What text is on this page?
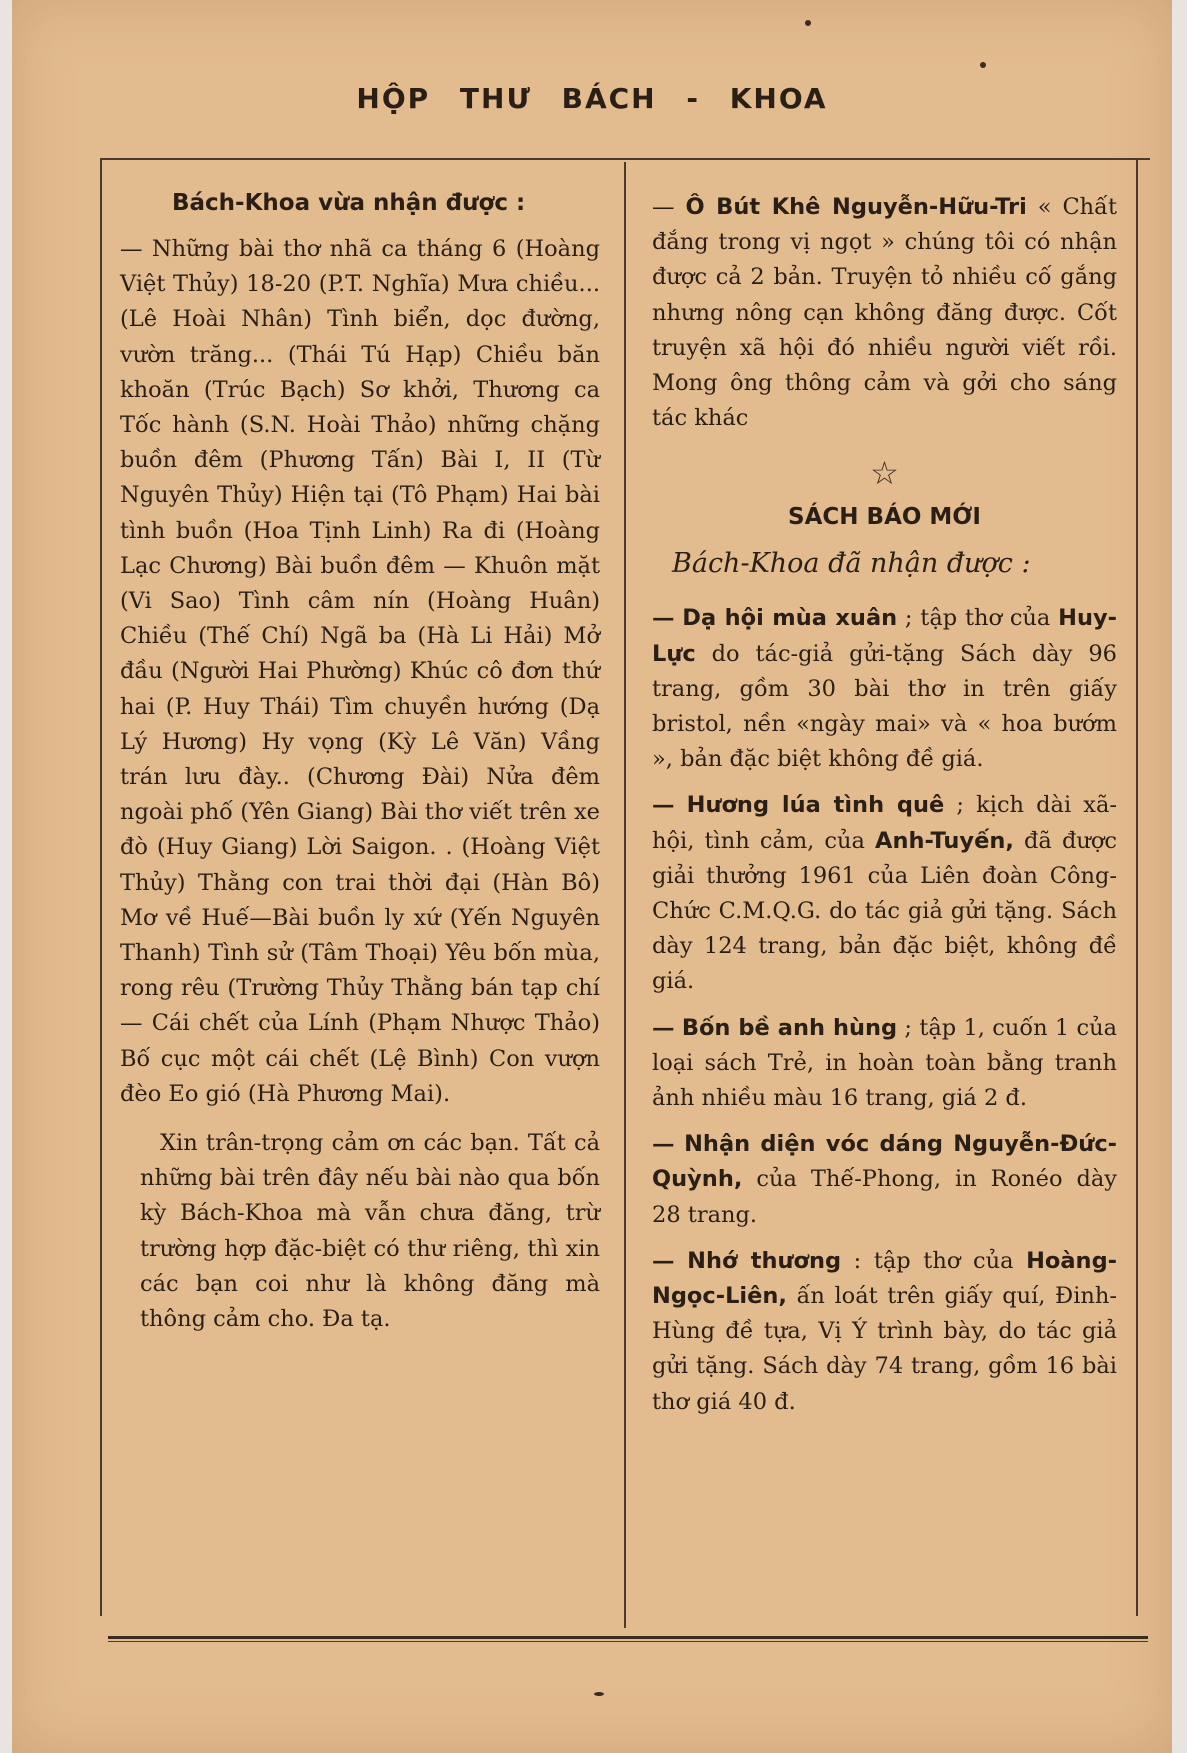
HỘP THƯ BÁCH - KHOA
Bách-Khoa vừa nhận được :

— Những bài thơ nhã ca tháng 6 (Hoàng Việt Thủy) 18-20 (P.T. Nghĩa) Mưa chiều... (Lê Hoài Nhân) Tình biển, dọc đường, vườn trăng... (Thái Tú Hạp) Chiều băn khoăn (Trúc Bạch) Sơ khởi, Thương ca Tốc hành (S.N. Hoài Thảo) những chặng buồn đêm (Phương Tấn) Bài I, II (Từ Nguyên Thủy) Hiện tại (Tô Phạm) Hai bài tình buồn (Hoa Tịnh Linh) Ra đi (Hoàng Lạc Chương) Bài buồn đêm — Khuôn mặt (Vi Sao) Tình câm nín (Hoàng Huân) Chiều (Thế Chí) Ngã ba (Hà Li Hải) Mở đầu (Người Hai Phường) Khúc cô đơn thứ hai (P. Huy Thái) Tìm chuyền hướng (Dạ Lý Hương) Hy vọng (Kỳ Lê Văn) Vầng trán lưu đày.. (Chương Đài) Nửa đêm ngoài phố (Yên Giang) Bài thơ viết trên xe đò (Huy Giang) Lời Saigon. . (Hoàng Việt Thủy) Thằng con trai thời đại (Hàn Bô) Mơ về Huế—Bài buồn ly xứ (Yến Nguyên Thanh) Tình sử (Tâm Thoại) Yêu bốn mùa, rong rêu (Trường Thủy Thằng bán tạp chí — Cái chết của Lính (Phạm Nhược Thảo) Bố cục một cái chết (Lệ Bình) Con vượn đèo Eo gió (Hà Phương Mai).

Xin trân-trọng cảm ơn các bạn. Tất cả những bài trên đây nếu bài nào qua bốn kỳ Bách-Khoa mà vẫn chưa đăng, trừ trường hợp đặc-biệt có thư riêng, thì xin các bạn coi như là không đăng mà thông cảm cho. Đa tạ.

— Ô Bút Khê Nguyễn-Hữu-Tri « Chất đắng trong vị ngọt » chúng tôi có nhận được cả 2 bản. Truyện tỏ nhiều cố gắng nhưng nông cạn không đăng được. Cốt truyện xã hội đó nhiều người viết rồi. Mong ông thông cảm và gởi cho sáng tác khác
☆
SÁCH BÁO MỚI
Bách-Khoa đã nhận được :
— Dạ hội mùa xuân ; tập thơ của Huy-Lực do tác-giả gửi-tặng Sách dày 96 trang, gồm 30 bài thơ in trên giấy bristol, nền «ngày mai» và « hoa bướm », bản đặc biệt không đề giá.
— Hương lúa tình quê ; kịch dài xã-hội, tình cảm, của Anh-Tuyến, đã được giải thưởng 1961 của Liên đoàn Công-Chức C.M.Q.G. do tác giả gửi tặng. Sách dày 124 trang, bản đặc biệt, không đề giá.
— Bốn bề anh hùng ; tập 1, cuốn 1 của loại sách Trẻ, in hoàn toàn bằng tranh ảnh nhiều màu 16 trang, giá 2 đ.
— Nhận diện vóc dáng Nguyễn-Đức-Quỳnh, của Thế-Phong, in Ronéo dày 28 trang.
— Nhớ thương : tập thơ của Hoàng-Ngọc-Liên, ấn loát trên giấy quí, Đinh-Hùng đề tựa, Vị Ý trình bày, do tác giả gửi tặng. Sách dày 74 trang, gồm 16 bài thơ giá 40 đ.
